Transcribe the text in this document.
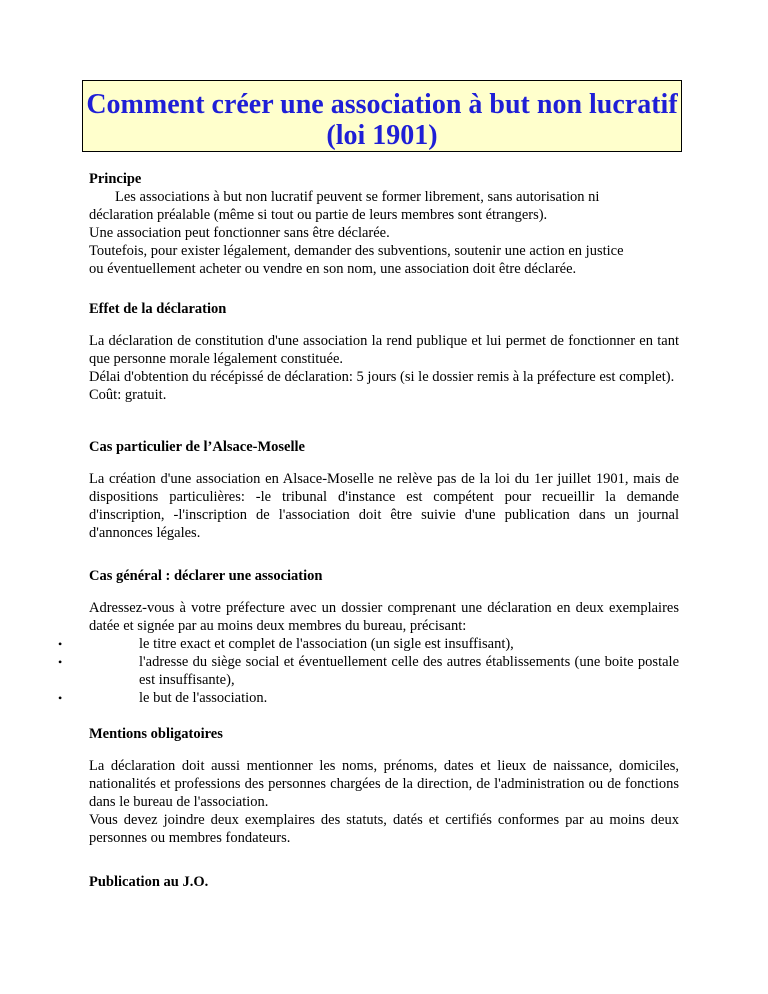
Comment créer une association à but non lucratif (loi 1901)

Principe

Les associations à but non lucratif peuvent se former librement, sans autorisation ni

déclaration préalable (même si tout ou partie de leurs membres sont étrangers).

Une association peut fonctionner sans être déclarée.

Toutefois, pour exister légalement, demander des subventions, soutenir une action en justice

ou éventuellement acheter ou vendre en son nom, une association doit être déclarée.

Effet de la déclaration

La déclaration de constitution d'une association la rend publique et lui permet de fonctionner en tant que personne morale légalement constituée.

Délai d'obtention du récépissé de déclaration: 5 jours (si le dossier remis à la préfecture est complet).

Coût: gratuit.

Cas particulier de l’Alsace-Moselle

La création d'une association en Alsace-Moselle ne relève pas de la loi du 1er juillet 1901, mais de dispositions particulières: -le tribunal d'instance est compétent pour recueillir la demande d'inscription, -l'inscription de l'association doit être suivie d'une publication dans un journal d'annonces légales.

Cas général : déclarer une association

Adressez-vous à votre préfecture avec un dossier comprenant une déclaration en deux exemplaires datée et signée par au moins deux membres du bureau, précisant:

•	le titre exact et complet de l'association (un sigle est insuffisant),
•	l'adresse du siège social et éventuellement celle des autres établissements (une boite postale est insuffisante),
•	le but de l'association.

Mentions obligatoires

La déclaration doit aussi mentionner les noms, prénoms, dates et lieux de naissance, domiciles, nationalités et professions des personnes chargées de la direction, de l'administration ou de fonctions dans le bureau de l'association.

Vous devez joindre deux exemplaires des statuts, datés et certifiés conformes par au moins deux personnes ou membres fondateurs.

Publication au J.O.
